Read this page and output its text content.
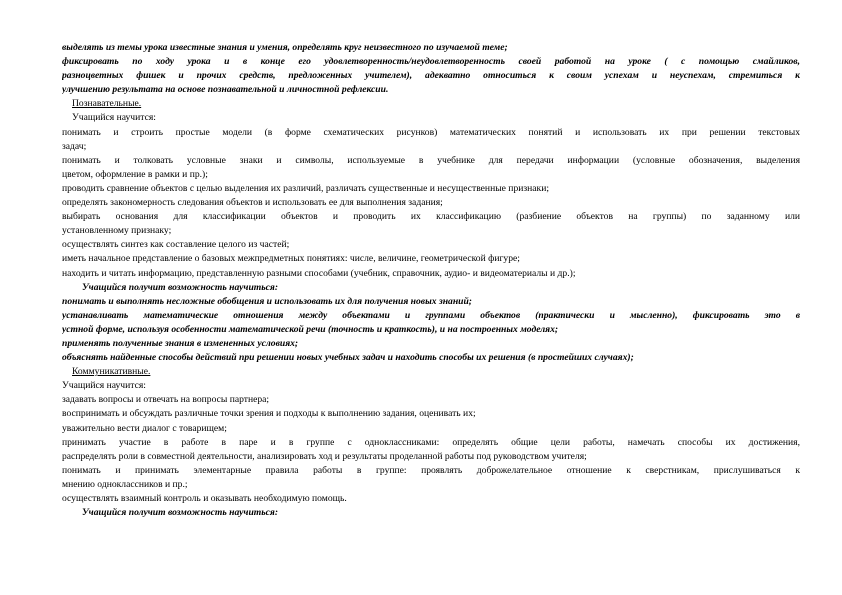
выделять из темы урока известные знания и умения, определять круг неизвестного по изучаемой теме;
фиксировать по ходу урока и в конце его удовлетворенность/неудовлетворенность своей работой на уроке ( с помощью смайликов,
разноцветных фишек и прочих средств, предложенных учителем), адекватно относиться к своим успехам и неуспехам, стремиться к
улучшению результата на основе познавательной и личностной рефлексии.
Познавательные.
Учащийся научится:
понимать и строить простые модели (в форме схематических рисунков) математических понятий и использовать их при решении текстовых
задач;
понимать и толковать условные знаки и символы, используемые в учебнике для передачи информации (условные обозначения, выделения
цветом, оформление в рамки и пр.);
проводить сравнение объектов с целью выделения их различий, различать существенные и несущественные признаки;
определять закономерность следования объектов и использовать ее для выполнения задания;
выбирать основания для классификации объектов и проводить их классификацию (разбиение объектов на группы) по заданному или
установленному признаку;
осуществлять синтез как составление целого из частей;
иметь начальное представление о базовых межпредметных понятиях: числе, величине, геометрической фигуре;
находить и читать информацию, представленную разными способами (учебник, справочник, аудио- и видеоматериалы и др.);
Учащийся получит возможность научиться:
понимать и выполнять несложные обобщения и использовать их для получения новых знаний;
устанавливать математические отношения между объектами и группами объектов (практически и мысленно), фиксировать это в
устной форме, используя особенности математической речи (точность и краткость), и на построенных моделях;
применять полученные знания в измененных условиях;
объяснять найденные способы действий при решении новых учебных задач и находить способы их решения (в простейших случаях);
Коммуникативные.
Учащийся научится:
задавать вопросы и отвечать на вопросы партнера;
воспринимать и обсуждать различные точки зрения и подходы к выполнению задания, оценивать их;
уважительно вести диалог с товарищем;
принимать участие в работе в паре и в группе с одноклассниками: определять общие цели работы, намечать способы их достижения,
распределять роли в совместной деятельности, анализировать ход и результаты проделанной работы под руководством учителя;
понимать и принимать элементарные правила работы в группе: проявлять доброжелательное отношение к сверстникам, прислушиваться к
мнению одноклассников и пр.;
осуществлять взаимный контроль и оказывать необходимую помощь.
Учащийся получит возможность научиться:
